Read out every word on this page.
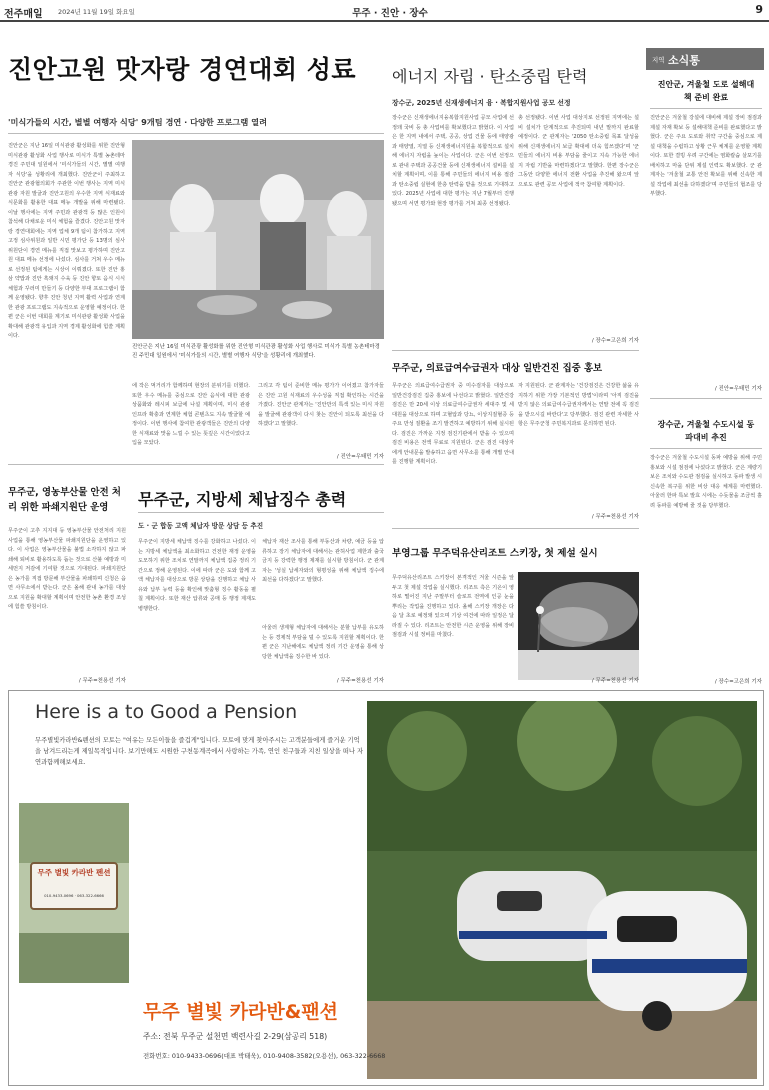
전주매일 2024년 11월 19일 화요일	무주 · 진안 · 장수	9
진안고원 맛자랑 경연대회 성료
'미식가들의 시간, 별별 여행자 식당' 9개팀 경연 · 다양한 프로그램 열려
진안군은 지난 16일 미식관광 활성화를 위한 진안형 미식관광 활성화 사업 행사로 미식가 특별 농촌테마경진 주민대 일원에서 '미식가들의 시간, 별별 여행자 식당'을 성황리에 개최했다. 진안군이 주최하고 진안군 관광협의회가 주관한 이번 행사는 지역 미식관광 자원 발굴과 진안고원의 우수한 지역 식재료와 식문화를 활용한 대표 메뉴 개발을 위해 마련됐다. 이날 행사에는 지역 주민과 관광객 등 많은 인원이 참석해 다채로운 미식 체험을 즐겼다. 진안고원 맛자랑 경연대회에는 지역 업체 9개 팀이 참가하고 지역 고정 심사위원과 일반 시민 평가단 등 13명의 심사위원단이 경연 메뉴를 직접 맛보고 평가하며 진안고원 대표 메뉴 선정에 나섰다. 심사를 거쳐 우수 메뉴로 선정된 팀에게는 시상이 이뤄졌다. 또한 진안 홍삼 약밥과 진안 흑돼지 수육 등 진안 향토 음식 시식 체험과 꾸러미 만들기 등 다양한 부대 프로그램이 함께 운영됐다. 향후 진안 청년 지역 활력 사업과 연계한 관광 프로그램도 지속적으로 운영할 예정이다. 한편 군은 이번 대회를 계기로 미식관광 활성화 사업을 확대해 관광객 유입과 지역 경제 활성화에 힘쓸 계획이다.
진안군은 지난 16일 미식관광 활성화를 위한 진안형 미식관광 활성화 사업 행사로 미식가 특별 농촌테마경진 주민대 일원에서 '미식가들의 시간, 별별 여행자 식당'을 성황리에 개최했다.
에 작은 먹거리가 함께하며 현장의 분위기를 더했다. 또한 우수 메뉴를 중심으로 진안 음식에 대한 관광 상품화와 레시피 보급에 나설 계획이며, 미식 관광 인프라 확충과 연계한 체험 콘텐츠도 지속 발굴할 예정이다. 이번 행사에 참여한 관광객들은 진안의 다양한 식재료와 맛을 느낄 수 있는 뜻깊은 시간이었다고 입을 모았다.
그리고 각 팀이 준비한 메뉴 평가가 이어졌고 참가자들은 진안 고원 식재료의 우수성을 직접 확인하는 시간을 가졌다. 진안군 관계자는 '진안만의 특색 있는 미식 자원을 발굴해 관광객이 다시 찾는 진안이 되도록 최선을 다하겠다'고 말했다.
/ 진안=우태민 기자
무주군, 영농부산물 안전 처리 위한 파쇄지원단 운영
무주군이 고추 지지대 등 영농부산물 안전처리 지원사업을 통해 영농부산물 파쇄지원단을 운영하고 있다. 이 사업은 영농부산물을 불법 소각하지 않고 파쇄해 퇴비로 활용하도록 돕는 것으로 산불 예방과 미세먼지 저감에 기여할 것으로 기대된다. 파쇄지원단은 농가를 직접 방문해 부산물을 파쇄하며 신청은 읍면 사무소에서 받는다. 군은 올해 관내 농가를 대상으로 지원을 확대할 계획이며 안전한 농촌 환경 조성에 힘쓸 방침이다.
/ 무주=천용선 기자
무주군, 지방세 체납징수 총력
도 · 군 합동 고액 체납자 방문 상담 등 추진
무주군이 지방세 체납액 징수를 강화하고 나섰다. 이는 지방세 체납액을 최소화하고 건전한 재정 운영을 도모하기 위한 조치로 연말까지 체납액 집중 정리 기간으로 정해 운영된다. 이에 따라 군은 도와 함께 고액 체납자를 대상으로 방문 상담을 진행하고 체납 사유와 납부 능력 등을 확인해 맞춤형 징수 활동을 펼칠 계획이다. 또한 재산 압류와 공매 등 행정 제재도 병행한다.
체납자 재산 조사를 통해 부동산과 차량, 예금 등을 압류하고 장기 체납자에 대해서는 관허사업 제한과 출국금지 등 강력한 행정 제재를 실시할 방침이다. 군 관계자는 '성실 납세자와의 형평성을 위해 체납액 징수에 최선을 다하겠다'고 말했다.
아울러 생계형 체납자에 대해서는 분할 납부를 유도하는 등 경제적 부담을 덜 수 있도록 지원할 계획이다. 한편 군은 지난해에도 체납액 정리 기간 운영을 통해 상당한 체납액을 징수한 바 있다.
/ 무주=천용선 기자
에너지 자립 · 탄소중립 탄력
장수군, 2025년 신재생에너지 융 · 복합지원사업 공모 선정
장수군은 신재생에너지융복합지원사업 공모 사업에 선정돼 국비 등 총 사업비를 확보했다고 밝혔다. 이 사업은 한 지역 내에서 주택, 공공, 상업 건물 등에 태양광과 태양열, 지열 등 신재생에너지원을 복합적으로 설치해 에너지 자립을 높이는 사업이다. 군은 이번 선정으로 관내 주택과 공공건물 등에 신재생에너지 설비를 설치할 계획이며, 이를 통해 주민들의 에너지 비용 절감과 탄소중립 실현에 한층 탄력을 받을 것으로 기대하고 있다. 2025년 사업에 대한 평가는 지난 7월부터 진행됐으며 서면 평가와 현장 평가를 거쳐 최종 선정됐다.
총 선정됐다. 이번 사업 대상지로 선정된 지역에는 설비 설치가 단계적으로 추진되며 내년 말까지 완료할 예정이다. 군 관계자는 '2050 탄소중립 목표 달성을 위해 신재생에너지 보급 확대에 더욱 힘쓰겠다'며 '군민들의 에너지 비용 부담을 줄이고 지속 가능한 에너지 자립 기반을 마련하겠다'고 말했다. 한편 장수군은 그동안 다양한 에너지 전환 사업을 추진해 왔으며 앞으로도 관련 공모 사업에 적극 참여할 계획이다.
/ 장수=고은희 기자
무주군, 의료급여수급권자 대상 일반건진 집중 홍보
무주군은 의료급여수급권자 중 미수검자를 대상으로 일반건강검진 집중 홍보에 나선다고 밝혔다. 일반건강검진은 만 20세 이상 의료급여수급권자 세대주 및 세대원을 대상으로 하며 고혈압과 당뇨, 이상지질혈증 등 주요 만성 질환을 조기 발견하고 예방하기 위해 실시된다. 검진은 가까운 지정 검진기관에서 받을 수 있으며 검진 비용은 전액 무료로 지원된다. 군은 검진 대상자에게 안내문을 발송하고 읍면 사무소를 통해 개별 안내를 진행할 계획이다.
자 지원된다. 군 관계자는 '건강검진은 건강한 삶을 유지하기 위한 가장 기본적인 방법'이라며 '아직 검진을 받지 않은 의료급여수급권자께서는 연말 전에 꼭 검진을 받으시길 바란다'고 당부했다. 검진 관련 자세한 사항은 무주군청 주민복지과로 문의하면 된다.
/ 무주=천용선 기자
부영그룹 무주덕유산리조트 스키장, 첫 제설 실시
무주덕유산리조트 스키장이 본격적인 겨울 시즌을 앞두고 첫 제설 작업을 실시했다. 리조트 측은 기온이 영하로 떨어진 지난 주말부터 슬로프 전역에 인공 눈을 뿌리는 작업을 진행하고 있다. 올해 스키장 개장은 다음 달 초로 예정돼 있으며 기상 여건에 따라 일정은 달라질 수 있다. 리조트는 안전한 시즌 운영을 위해 장비 점검과 시설 정비를 마쳤다.
/ 무주=천용선 기자
지역 소식통
진안군, 겨울철 도로 설해대책 준비 완료
진안군은 겨울철 강설에 대비해 제설 장비 점검과 제설 자재 확보 등 설해대책 준비를 완료했다고 밝혔다. 군은 주요 도로와 취약 구간을 중심으로 제설 대책을 수립하고 상황 근무 체계를 운영할 계획이다. 또한 결빙 우려 구간에는 염화칼슘 살포기를 배치하고 마을 단위 제설 인력도 확보했다. 군 관계자는 '겨울철 교통 안전 확보를 위해 신속한 제설 작업에 최선을 다하겠다'며 주민들의 협조를 당부했다.
/ 진안=우태민 기자
장수군, 겨울철 수도시설 동파대비 추진
장수군은 겨울철 수도시설 동파 예방을 위해 주민 홍보와 시설 점검에 나섰다고 밝혔다. 군은 계량기 보온 조치와 수도관 점검을 실시하고 동파 발생 시 신속한 복구를 위한 비상 대응 체계를 마련했다. 아울러 한파 특보 발효 시에는 수돗물을 조금씩 흘려 동파를 예방해 줄 것을 당부했다.
/ 장수=고은희 기자
Here is a to Good a Pension
무주별빛카라반&펜션의 모토는 "여유는 모든이들을 즐겁게"입니다. 모토에 맞게 찾아주시는 고객분들에게 즐거운 기억을 남겨드리는게 제일목적입니다. 보기만해도 시원한 구천동계곡에서 사랑하는 가족, 연인 친구들과 지친 일상을 떠나 자연과함께해보세요.
무주 별빛 카라반 펜션
010-9433-0696 · 063-322-6666
무주 별빛 카라반&팬션
주소: 전북 무주군 설천면 백련사길 2-29(삼공리 518)
전화번호: 010-9433-0696(대표 박태욱), 010-9408-3582(오용선), 063-322-6668
